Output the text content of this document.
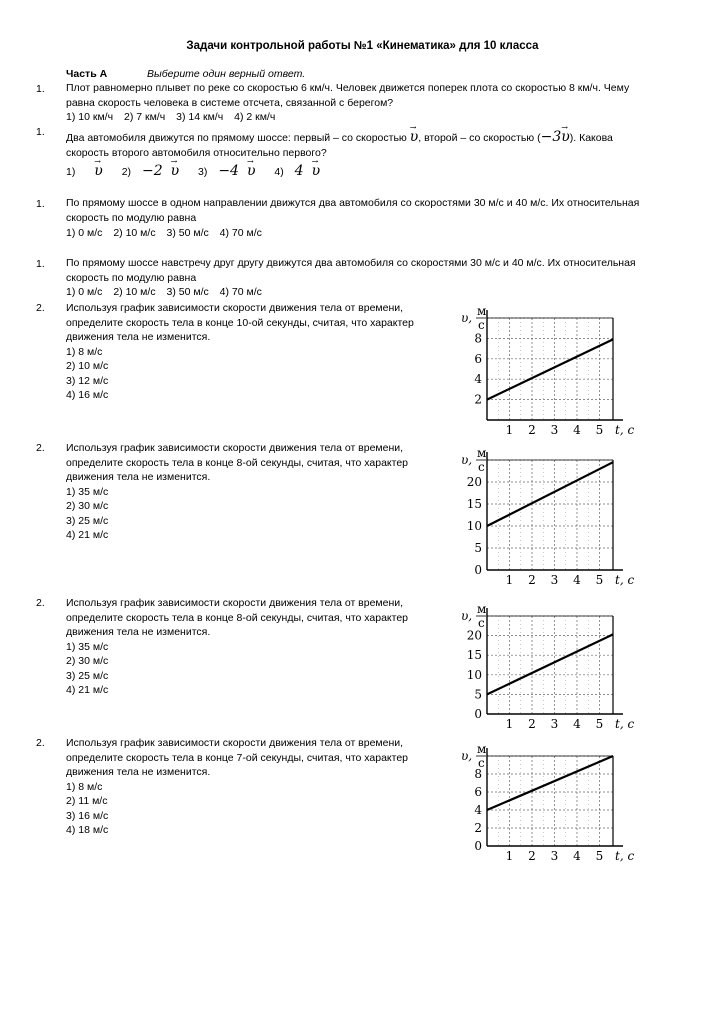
Задачи контрольной работы №1 «Кинематика» для 10 класса
Часть А	Выберите один верный ответ.
1. Плот равномерно плывет по реке со скоростью 6 км/ч. Человек движется поперек плота со скоростью 8 км/ч. Чему
равна скорость человека в системе отсчета, связанной с берегом?
1) 10 км/ч 2) 7 км/ч 3) 14 км/ч 4) 2 км/ч
1. Два автомобиля движутся по прямому шоссе: первый – со скоростью → υ, второй – со скоростью (−3→ υ). Какова
скорость второго автомобиля относительно первого?
1) → υ 2) −2 → υ 3) −4 → υ 4) 4 → υ
1. По прямому шоссе в одном направлении движутся два автомобиля со скоростями 30 м/с и 40 м/с. Их относительная
скорость по модулю равна
1) 0 м/с 2) 10 м/с 3) 50 м/с 4) 70 м/с
1. По прямому шоссе навстречу друг другу движутся два автомобиля со скоростями 30 м/с и 40 м/с. Их относительная
скорость по модулю равна
1) 0 м/с 2) 10 м/с 3) 50 м/с 4) 70 м/с
2. Используя график зависимости скорости движения тела от времени,
определите скорость тела в конце 10-ой секунды, считая, что характер
движения тела не изменится.
1) 8 м/с
2) 10 м/с
3) 12 м/с
4) 16 м/с
2. Используя график зависимости скорости движения тела от времени,
определите скорость тела в конце 8-ой секунды, считая, что характер
движения тела не изменится.
1) 35 м/с
2) 30 м/с
3) 25 м/с
4) 21 м/с
2. Используя график зависимости скорости движения тела от времени,
определите скорость тела в конце 8-ой секунды, считая, что характер
движения тела не изменится.
1) 35 м/с
2) 30 м/с
3) 25 м/с
4) 21 м/с
2. Используя график зависимости скорости движения тела от времени,
определите скорость тела в конце 7-ой секунды, считая, что характер
движения тела не изменится.
1) 8 м/с
2) 11 м/с
3) 16 м/с
4) 18 м/с
υ, м
с
2
4
6
8
1 2 3 4 5 t, с
υ, м
с
5
10
15
20
0
1 2 3 4 5 t, с
υ, м
с
5
10
15
20
0
1 2 3 4 5 t, с
υ, м
с
2
4
6
8
0
1 2 3 4 5 t, с
